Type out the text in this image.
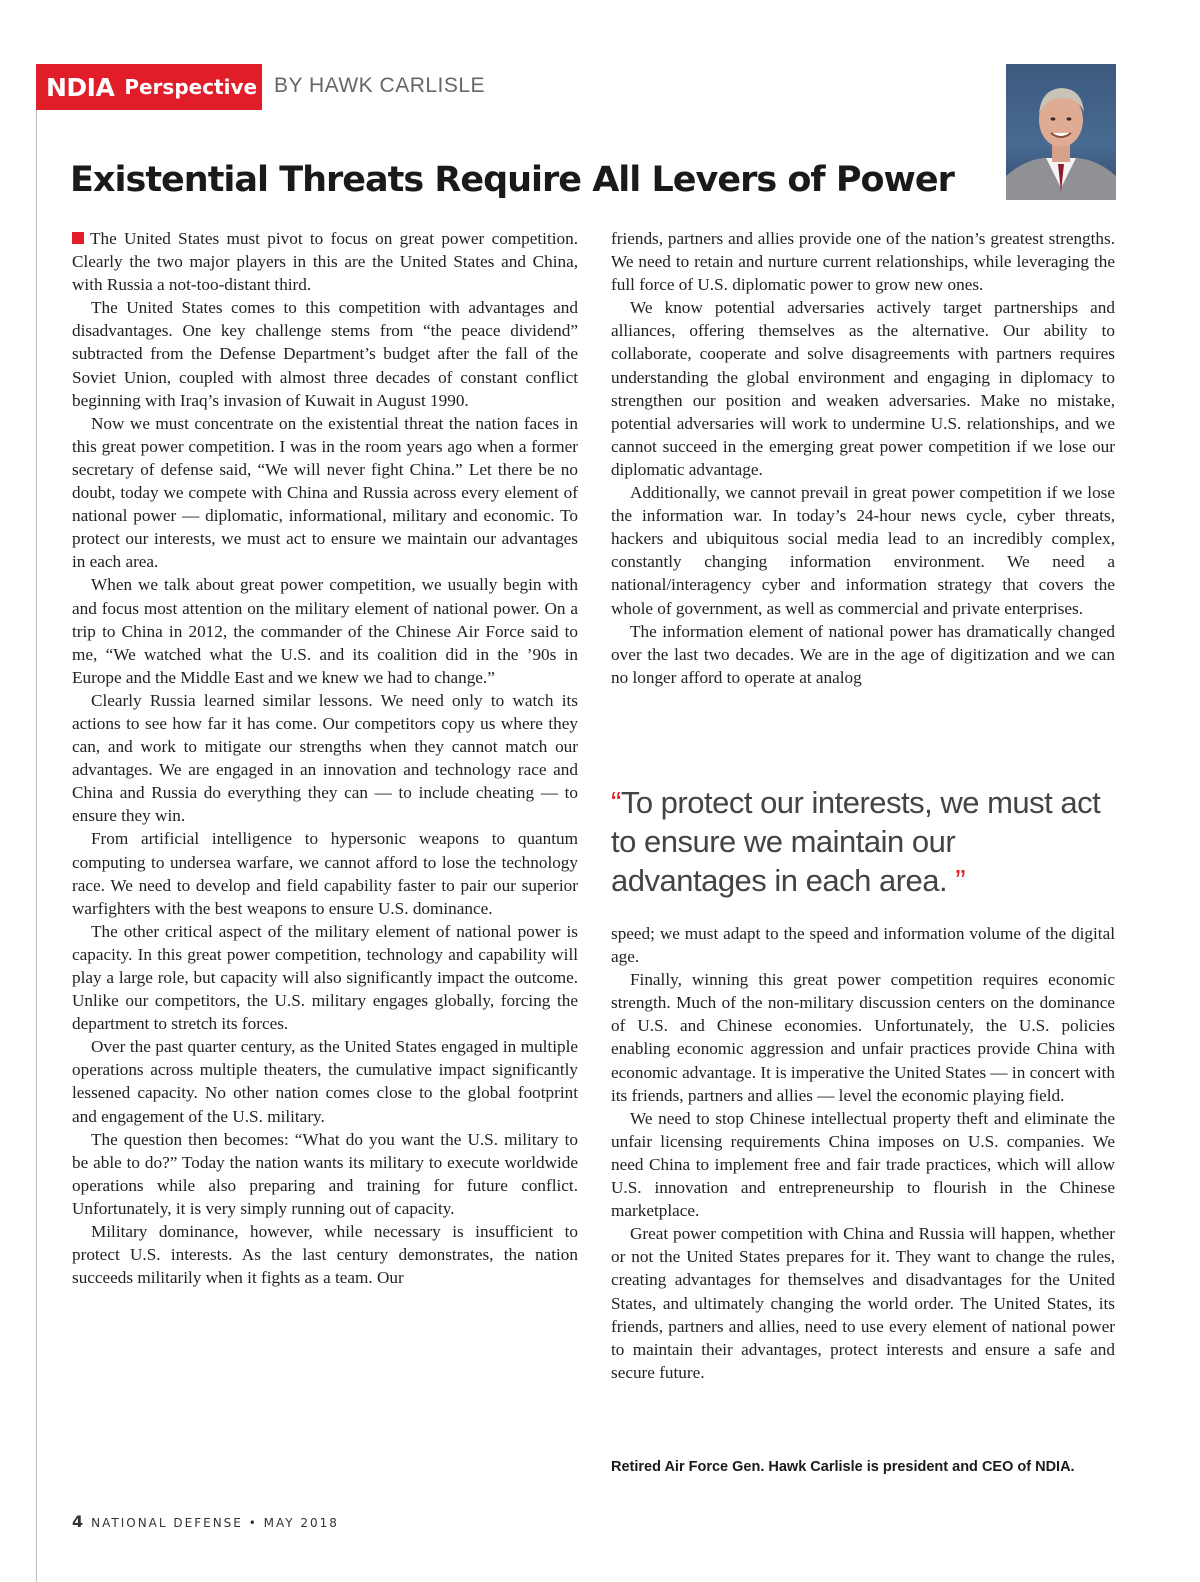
NDIA Perspective BY HAWK CARLISLE
Existential Threats Require All Levers of Power

The United States must pivot to focus on great power competition. Clearly the two major players in this are the United States and China, with Russia a not-too-distant third.

The United States comes to this competition with advantages and disadvantages. One key challenge stems from “the peace dividend” subtracted from the Defense Department’s budget after the fall of the Soviet Union, coupled with almost three decades of constant conflict beginning with Iraq’s invasion of Kuwait in August 1990.

Now we must concentrate on the existential threat the nation faces in this great power competition. I was in the room years ago when a former secretary of defense said, “We will never fight China.” Let there be no doubt, today we compete with China and Russia across every element of national power — diplomatic, informational, military and economic. To protect our interests, we must act to ensure we maintain our advantages in each area.

When we talk about great power competition, we usually begin with and focus most attention on the military element of national power. On a trip to China in 2012, the commander of the Chinese Air Force said to me, “We watched what the U.S. and its coalition did in the ’90s in Europe and the Middle East and we knew we had to change.”

Clearly Russia learned similar lessons. We need only to watch its actions to see how far it has come. Our competitors copy us where they can, and work to mitigate our strengths when they cannot match our advantages. We are engaged in an innovation and technology race and China and Russia do everything they can — to include cheating — to ensure they win.

From artificial intelligence to hypersonic weapons to quantum computing to undersea warfare, we cannot afford to lose the technology race. We need to develop and field capability faster to pair our superior warfighters with the best weapons to ensure U.S. dominance.

The other critical aspect of the military element of national power is capacity. In this great power competition, technology and capability will play a large role, but capacity will also significantly impact the outcome. Unlike our competitors, the U.S. military engages globally, forcing the department to stretch its forces.

Over the past quarter century, as the United States engaged in multiple operations across multiple theaters, the cumulative impact significantly lessened capacity. No other nation comes close to the global footprint and engagement of the U.S. military.

The question then becomes: “What do you want the U.S. military to be able to do?” Today the nation wants its military to execute worldwide operations while also preparing and training for future conflict. Unfortunately, it is very simply running out of capacity.

Military dominance, however, while necessary is insufficient to protect U.S. interests. As the last century demonstrates, the nation succeeds militarily when it fights as a team. Our

friends, partners and allies provide one of the nation’s greatest strengths. We need to retain and nurture current relationships, while leveraging the full force of U.S. diplomatic power to grow new ones.

We know potential adversaries actively target partnerships and alliances, offering themselves as the alternative. Our ability to collaborate, cooperate and solve disagreements with partners requires understanding the global environment and engaging in diplomacy to strengthen our position and weaken adversaries. Make no mistake, potential adversaries will work to undermine U.S. relationships, and we cannot succeed in the emerging great power competition if we lose our diplomatic advantage.

Additionally, we cannot prevail in great power competition if we lose the information war. In today’s 24-hour news cycle, cyber threats, hackers and ubiquitous social media lead to an incredibly complex, constantly changing information environment. We need a national/interagency cyber and information strategy that covers the whole of government, as well as commercial and private enterprises.

The information element of national power has dramatically changed over the last two decades. We are in the age of digitization and we can no longer afford to operate at analog

“To protect our interests, we must act to ensure we maintain our advantages in each area. ”

speed; we must adapt to the speed and information volume of the digital age.

Finally, winning this great power competition requires economic strength. Much of the non-military discussion centers on the dominance of U.S. and Chinese economies. Unfortunately, the U.S. policies enabling economic aggression and unfair practices provide China with economic advantage. It is imperative the United States — in concert with its friends, partners and allies — level the economic playing field.

We need to stop Chinese intellectual property theft and eliminate the unfair licensing requirements China imposes on U.S. companies. We need China to implement free and fair trade practices, which will allow U.S. innovation and entrepreneurship to flourish in the Chinese marketplace.

Great power competition with China and Russia will happen, whether or not the United States prepares for it. They want to change the rules, creating advantages for themselves and disadvantages for the United States, and ultimately changing the world order. The United States, its friends, partners and allies, need to use every element of national power to maintain their advantages, protect interests and ensure a safe and secure future.

Retired Air Force Gen. Hawk Carlisle is president and CEO of NDIA.
4 NATIONAL DEFENSE • MAY 2018
